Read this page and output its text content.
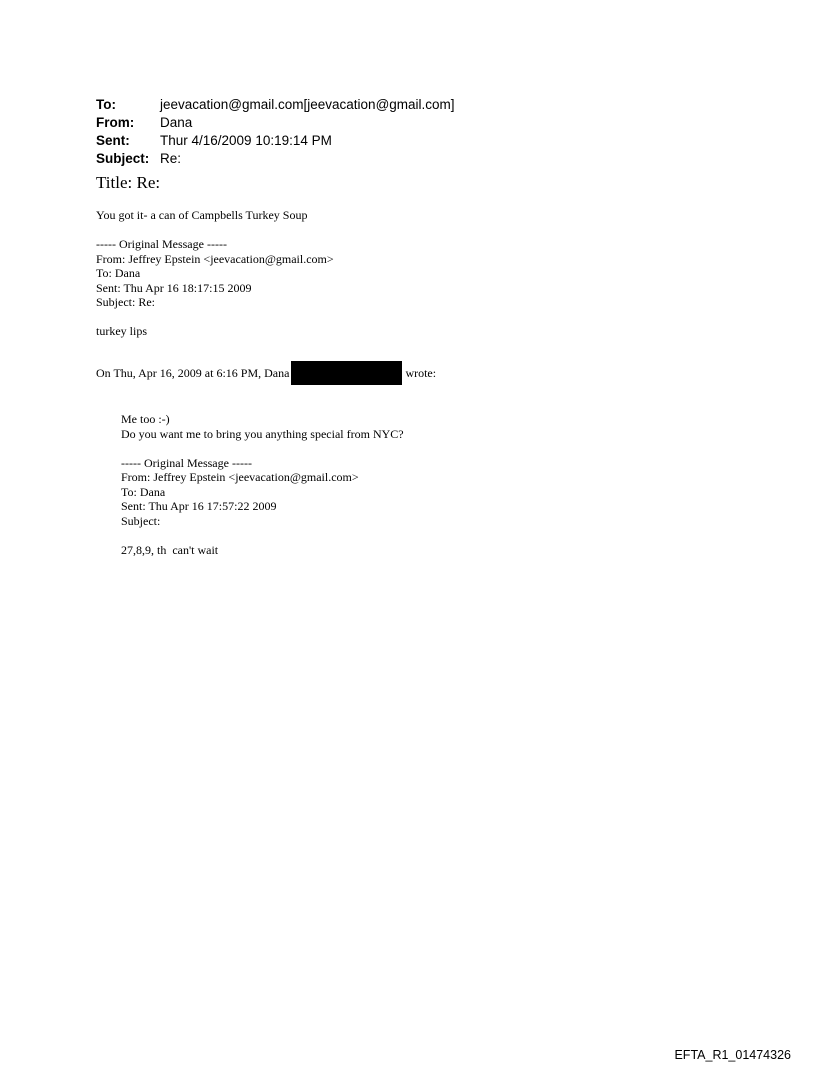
To:	jeevacation@gmail.com[jeevacation@gmail.com]
From:	Dana
Sent:	Thur 4/16/2009 10:19:14 PM
Subject: Re:
Title: Re:
You got it- a can of Campbells Turkey Soup
----- Original Message -----
From: Jeffrey Epstein <jeevacation@gmail.com>
To: Dana
Sent: Thu Apr 16 18:17:15 2009
Subject: Re:
turkey lips
On Thu, Apr 16, 2009 at 6:16 PM, Dana	wrote:
Me too :-)
Do you want me to bring you anything special from NYC?
----- Original Message -----
From: Jeffrey Epstein <jeevacation@gmail.com>
To: Dana
Sent: Thu Apr 16 17:57:22 2009
Subject:
27,8,9, th  can't wait
EFTA_R1_01474326
